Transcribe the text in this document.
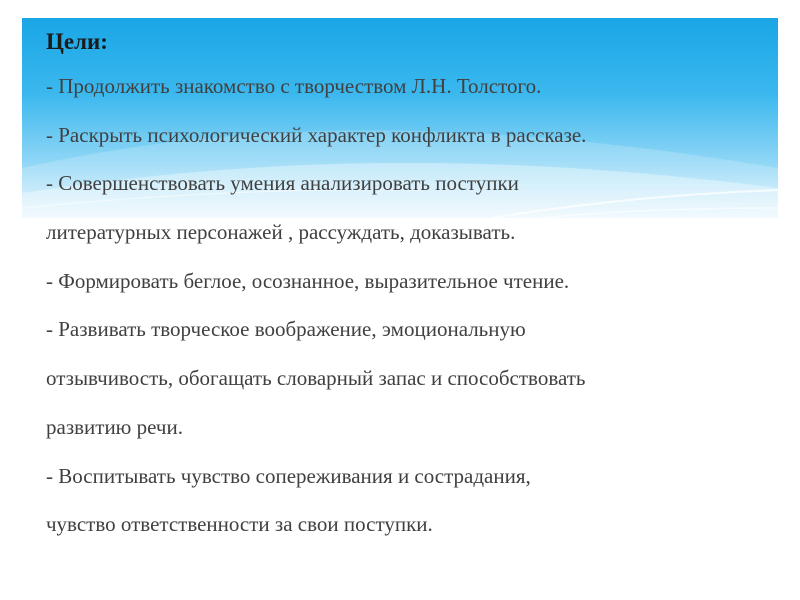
Цели:
- Продолжить знакомство с творчеством Л.Н. Толстого.
- Раскрыть психологический характер конфликта в рассказе.
- Совершенствовать умения анализировать поступки
литературных персонажей , рассуждать, доказывать.
- Формировать беглое, осознанное, выразительное чтение.
- Развивать творческое воображение, эмоциональную
отзывчивость, обогащать словарный запас и способствовать
развитию речи.
- Воспитывать чувство сопереживания и сострадания,
чувство ответственности за свои поступки.
